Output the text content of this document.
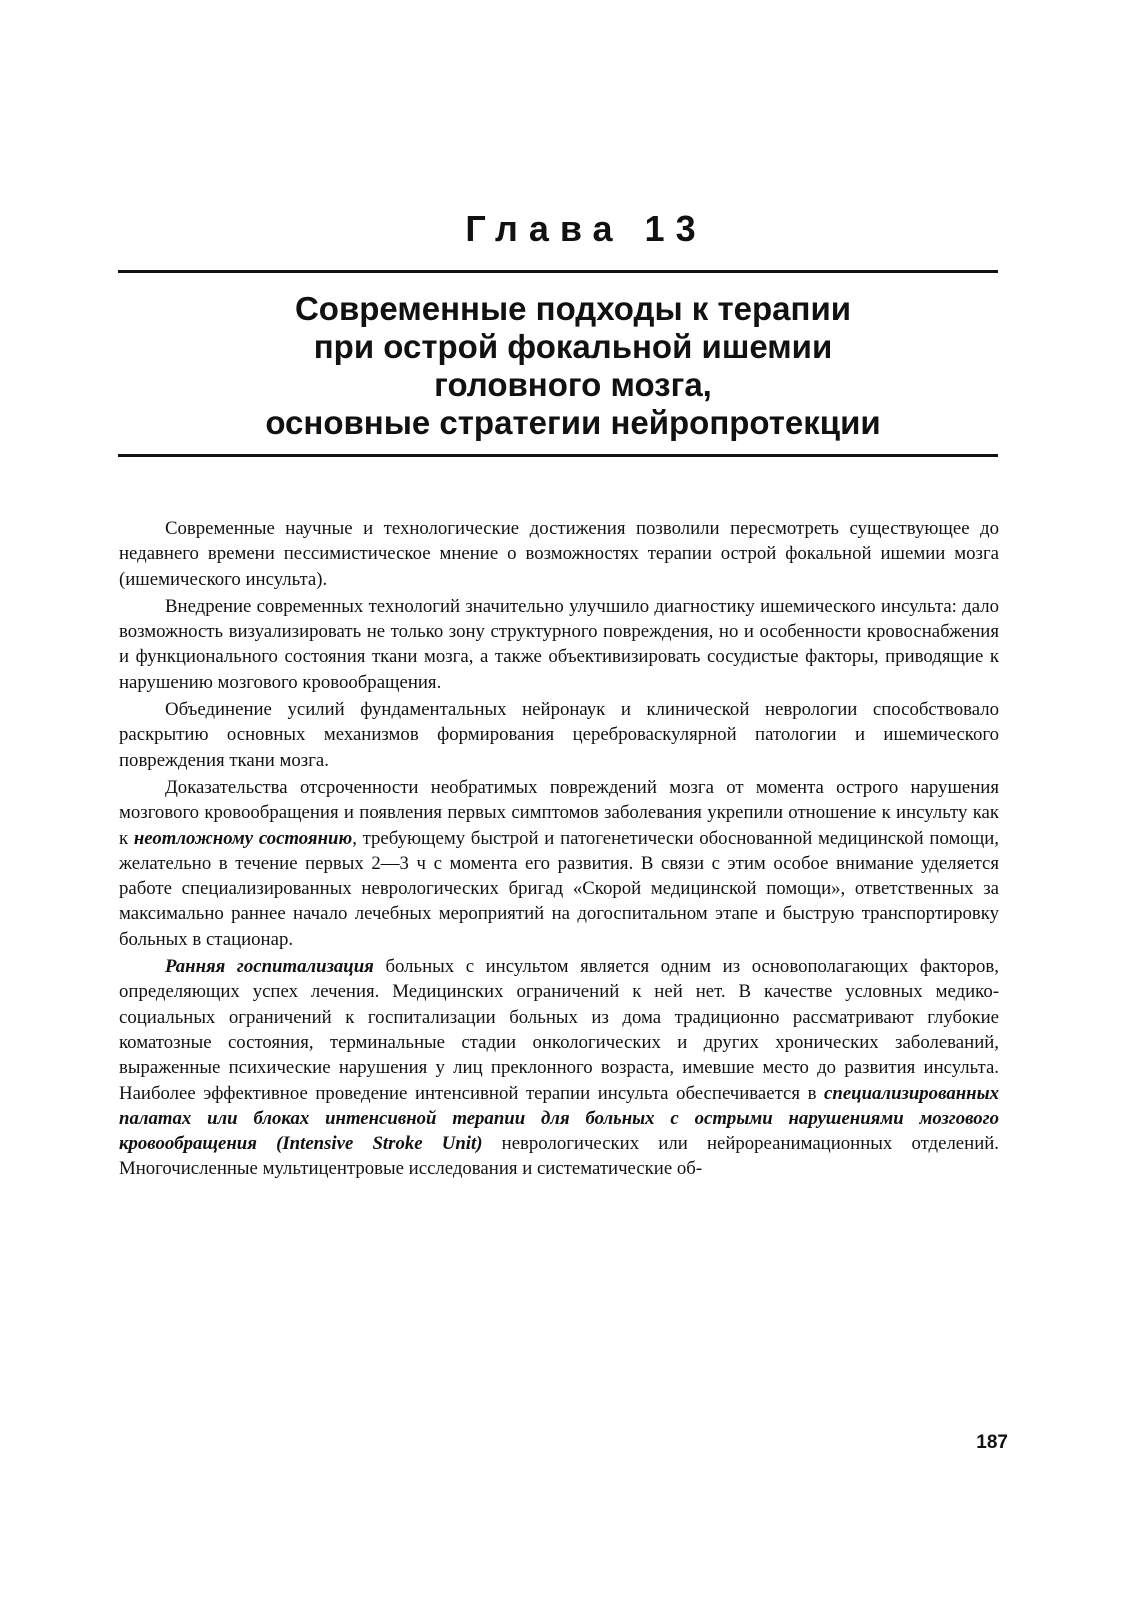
Глава 13
Современные подходы к терапии
при острой фокальной ишемии
головного мозга,
основные стратегии нейропротекции

Современные научные и технологические достижения позволили пересмотреть существующее до недавнего времени пессимистическое мнение о возможностях терапии острой фокальной ишемии мозга (ишемического инсульта).

Внедрение современных технологий значительно улучшило диагностику ишемического инсульта: дало возможность визуализировать не только зону структурного повреждения, но и особенности кровоснабжения и функционального состояния ткани мозга, а также объективизировать сосудистые факторы, приводящие к нарушению мозгового кровообращения.

Объединение усилий фундаментальных нейронаук и клинической неврологии способствовало раскрытию основных механизмов формирования цереброваскулярной патологии и ишемического повреждения ткани мозга.

Доказательства отсроченности необратимых повреждений мозга от момента острого нарушения мозгового кровообращения и появления первых симптомов заболевания укрепили отношение к инсульту как к неотложному состоянию, требующему быстрой и патогенетически обоснованной медицинской помощи, желательно в течение первых 2—3 ч с момента его развития. В связи с этим особое внимание уделяется работе специализированных неврологических бригад «Скорой медицинской помощи», ответственных за максимально раннее начало лечебных мероприятий на догоспитальном этапе и быструю транспортировку больных в стационар.

Ранняя госпитализация больных с инсультом является одним из основополагающих факторов, определяющих успех лечения. Медицинских ограничений к ней нет. В качестве условных медико-социальных ограничений к госпитализации больных из дома традиционно рассматривают глубокие коматозные состояния, терминальные стадии онкологических и других хронических заболеваний, выраженные психические нарушения у лиц преклонного возраста, имевшие место до развития инсульта. Наиболее эффективное проведение интенсивной терапии инсульта обеспечивается в специализированных палатах или блоках интенсивной терапии для больных с острыми нарушениями мозгового кровообращения (Intensive Stroke Unit) неврологических или нейрореанимационных отделений. Многочисленные мультицентровые исследования и систематические об-

187
